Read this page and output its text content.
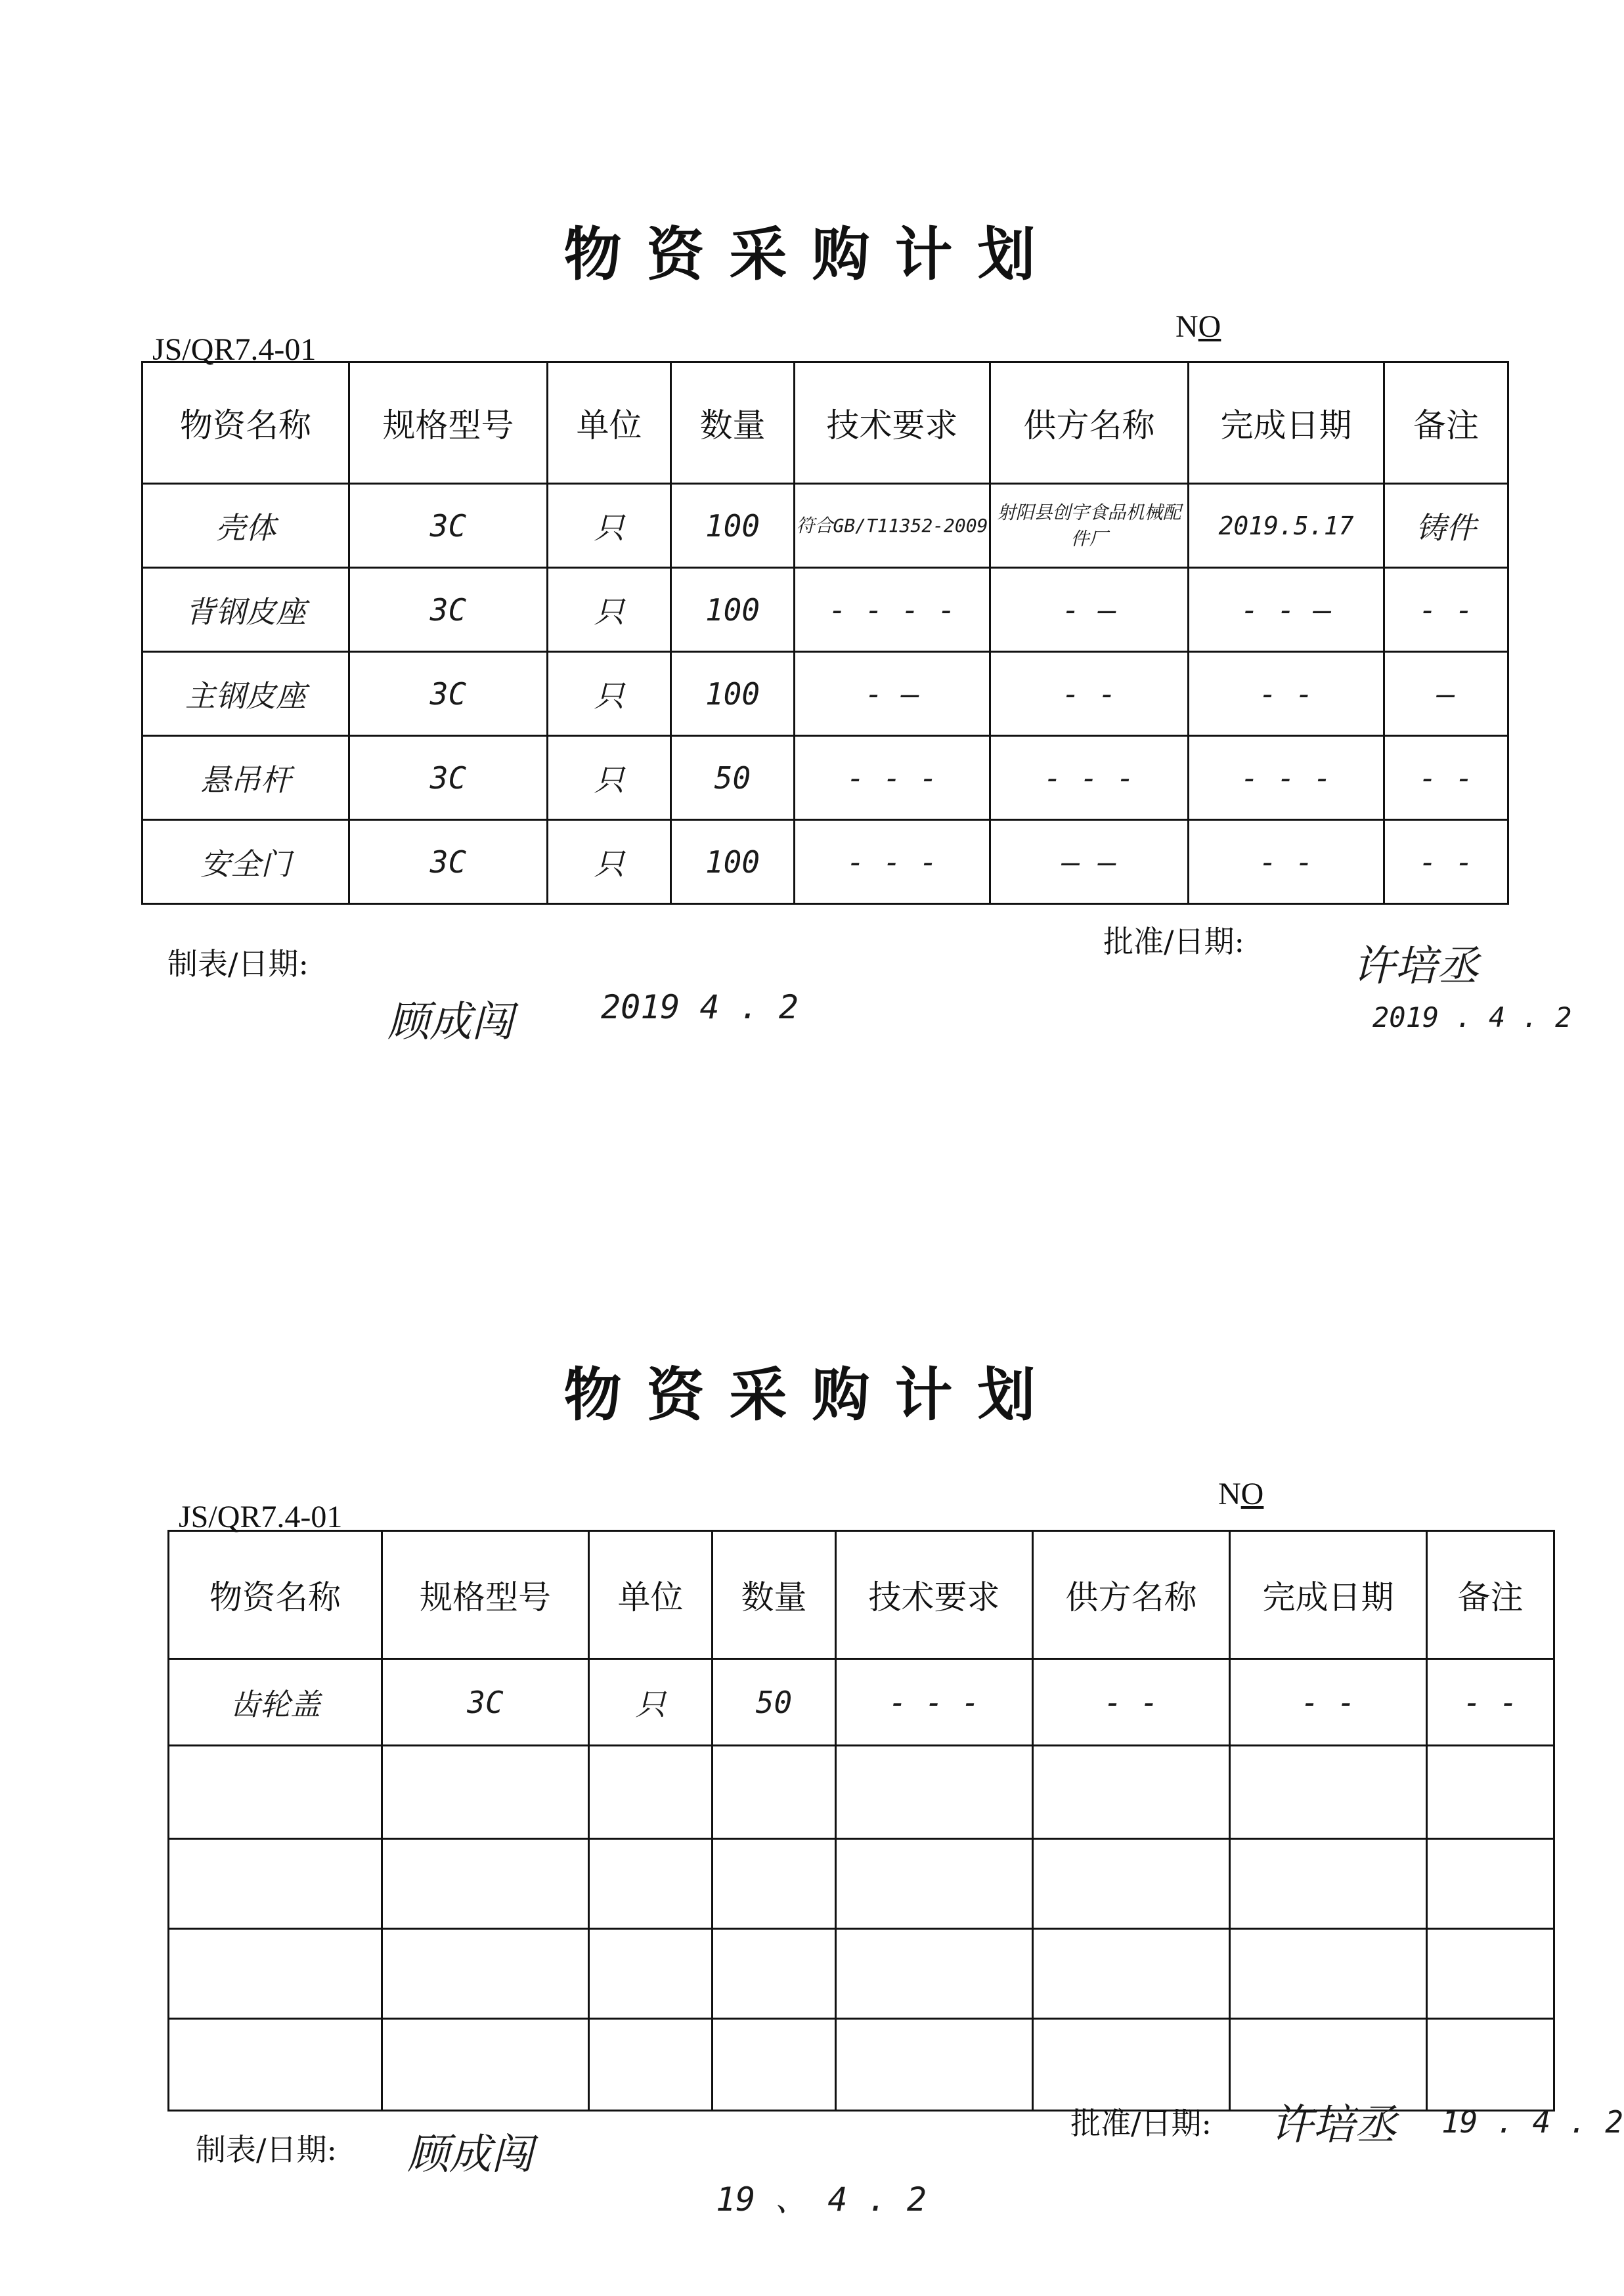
物资采购计划
JS/QR7.4-01
NO
物资名称	规格型号	单位	数量	技术要求	供方名称	完成日期	备注
壳体	3C	只	100	符合GB/T11352-2009	射阳县创宇食品机械配件厂	2019.5.17	铸件
背钢皮座	3C	只	100	- - - -	- —	- - —	- -
主钢皮座	3C	只	100	- —	- -	- -	—
悬吊杆	3C	只	50	- - -	- - -	- - -	- -
安全门	3C	只	100	- - -	— —	- -	- -
制表/日期:
顾成闯	2019 4 . 2
批准/日期:
许培丞
2019 . 4 . 2
物资采购计划
JS/QR7.4-01
NO
物资名称	规格型号	单位	数量	技术要求	供方名称	完成日期	备注
齿轮盖	3C	只	50	- - -	- -	- -	- -

制表/日期: 顾成闯
19 、 4 . 2
批准/日期: 许培丞 19 . 4 . 2
